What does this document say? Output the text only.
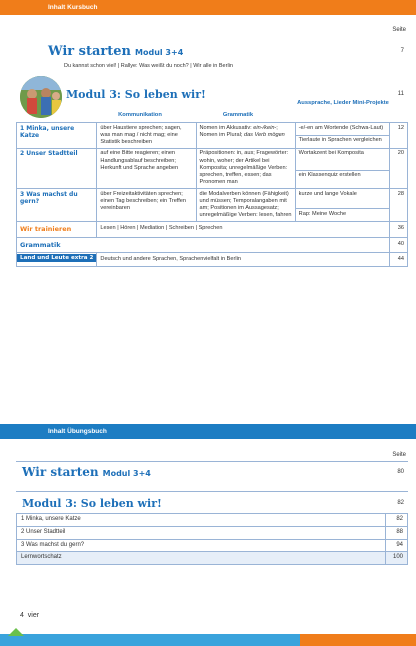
Inhalt Kursbuch
Seite
Wir starten Modul 3+4	7
Du kannst schon viel! | Rallye: Was weißt du noch? | Wir alle in Berlin
Modul 3: So leben wir!	11
Kommunikation	Grammatik
Aussprache, Lieder Mini-Projekte
1 Minka, unsere Katze	über Haustiere sprechen; sagen, was man mag / nicht mag; eine Statistik beschreiben	Nomen im Akkusativ: ein-/kein-; Nomen im Plural; das Verb mögen	-e/-en am Wortende (Schwa-Laut)	12
			Tierlaute in Sprachen vergleichen	
2 Unser Stadtteil	auf eine Bitte reagieren; einen Handlungsablauf beschreiben; Herkunft und Sprache angeben	Präpositionen: in, aus; Fragewörter: wohin, woher; der Artikel bei Komposita; unregelmäßige Verben: sprechen, treffen, essen; das Pronomen man	Wortakzent bei Komposita	20
			ein Klassenquiz erstellen	
3 Was machst du gern?	über Freizeitaktivitäten sprechen; einen Tag beschreiben; ein Treffen vereinbaren	die Modalverben können (Fähigkeit) und müssen; Temporalangaben mit am; Positionen im Aussagesatz; unregelmäßige Verben: lesen, fahren	kurze und lange Vokale	28
			Rap: Meine Woche	
Wir trainieren	Lesen | Hören | Mediation | Schreiben | Sprechen			36
Grammatik				40
Land und Leute extra 2	Deutsch und andere Sprachen, Sprachenvielfalt in Berlin			44
Inhalt Übungsbuch
Seite
Wir starten Modul 3+4	80
Modul 3: So leben wir!	82
1 Minka, unsere Katze	82
2 Unser Stadtteil	88
3 Was machst du gern?	94
Lernwortschatz	100
4 vier
